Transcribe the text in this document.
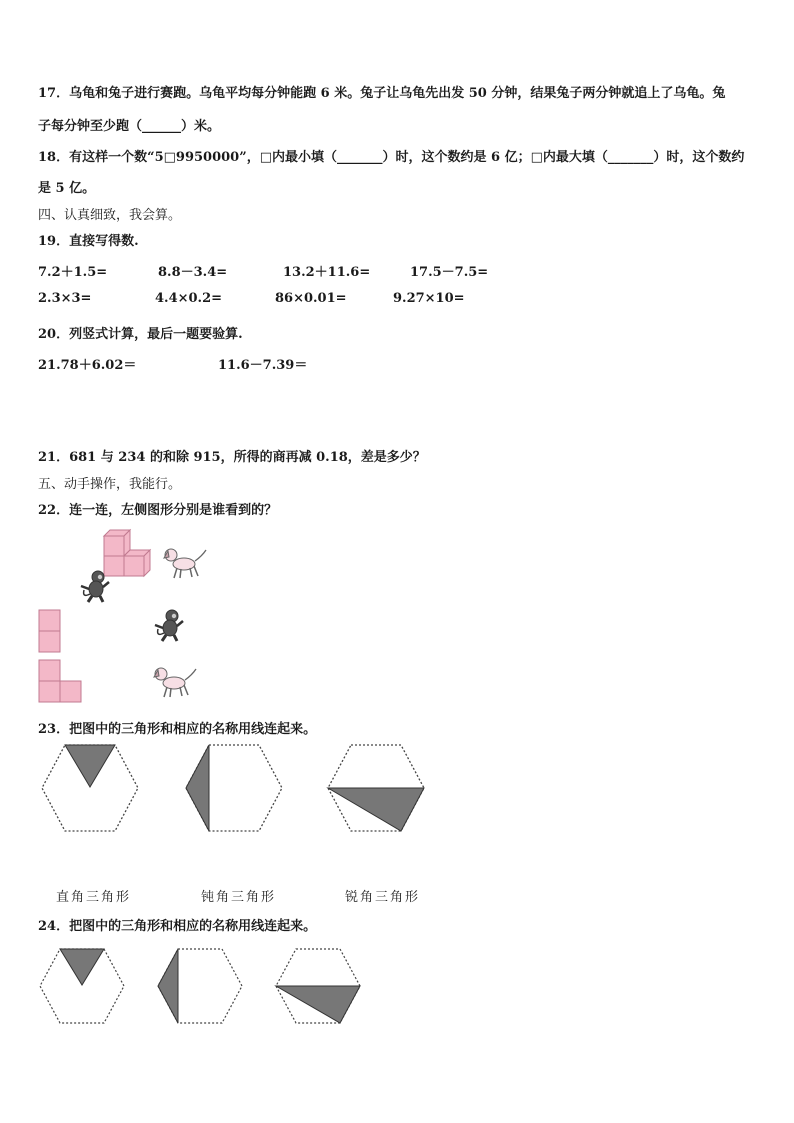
17．乌龟和兔子进行赛跑。乌龟平均每分钟能跑 6 米。兔子让乌龟先出发 50 分钟，结果兔子两分钟就追上了乌龟。兔
子每分钟至少跑（______）米。
18．有这样一个数“5□9950000”，□内最小填（_______）时，这个数约是 6 亿；□内最大填（_______）时，这个数约
是 5 亿。
四、认真细致，我会算。
19．直接写得数.
7.2＋1.5=	8.8－3.4=	13.2＋11.6=	17.5－7.5=
2.3×3=	4.4×0.2=	86×0.01=	9.27×10=
20．列竖式计算，最后一题要验算.
21.78＋6.02＝	11.6－7.39＝
21．681 与 234 的和除 915，所得的商再减 0.18，差是多少？
五、动手操作，我能行。
22．连一连，左侧图形分别是谁看到的？
23．把图中的三角形和相应的名称用线连起来。
直角三角形	钝角三角形	锐角三角形
24．把图中的三角形和相应的名称用线连起来。
